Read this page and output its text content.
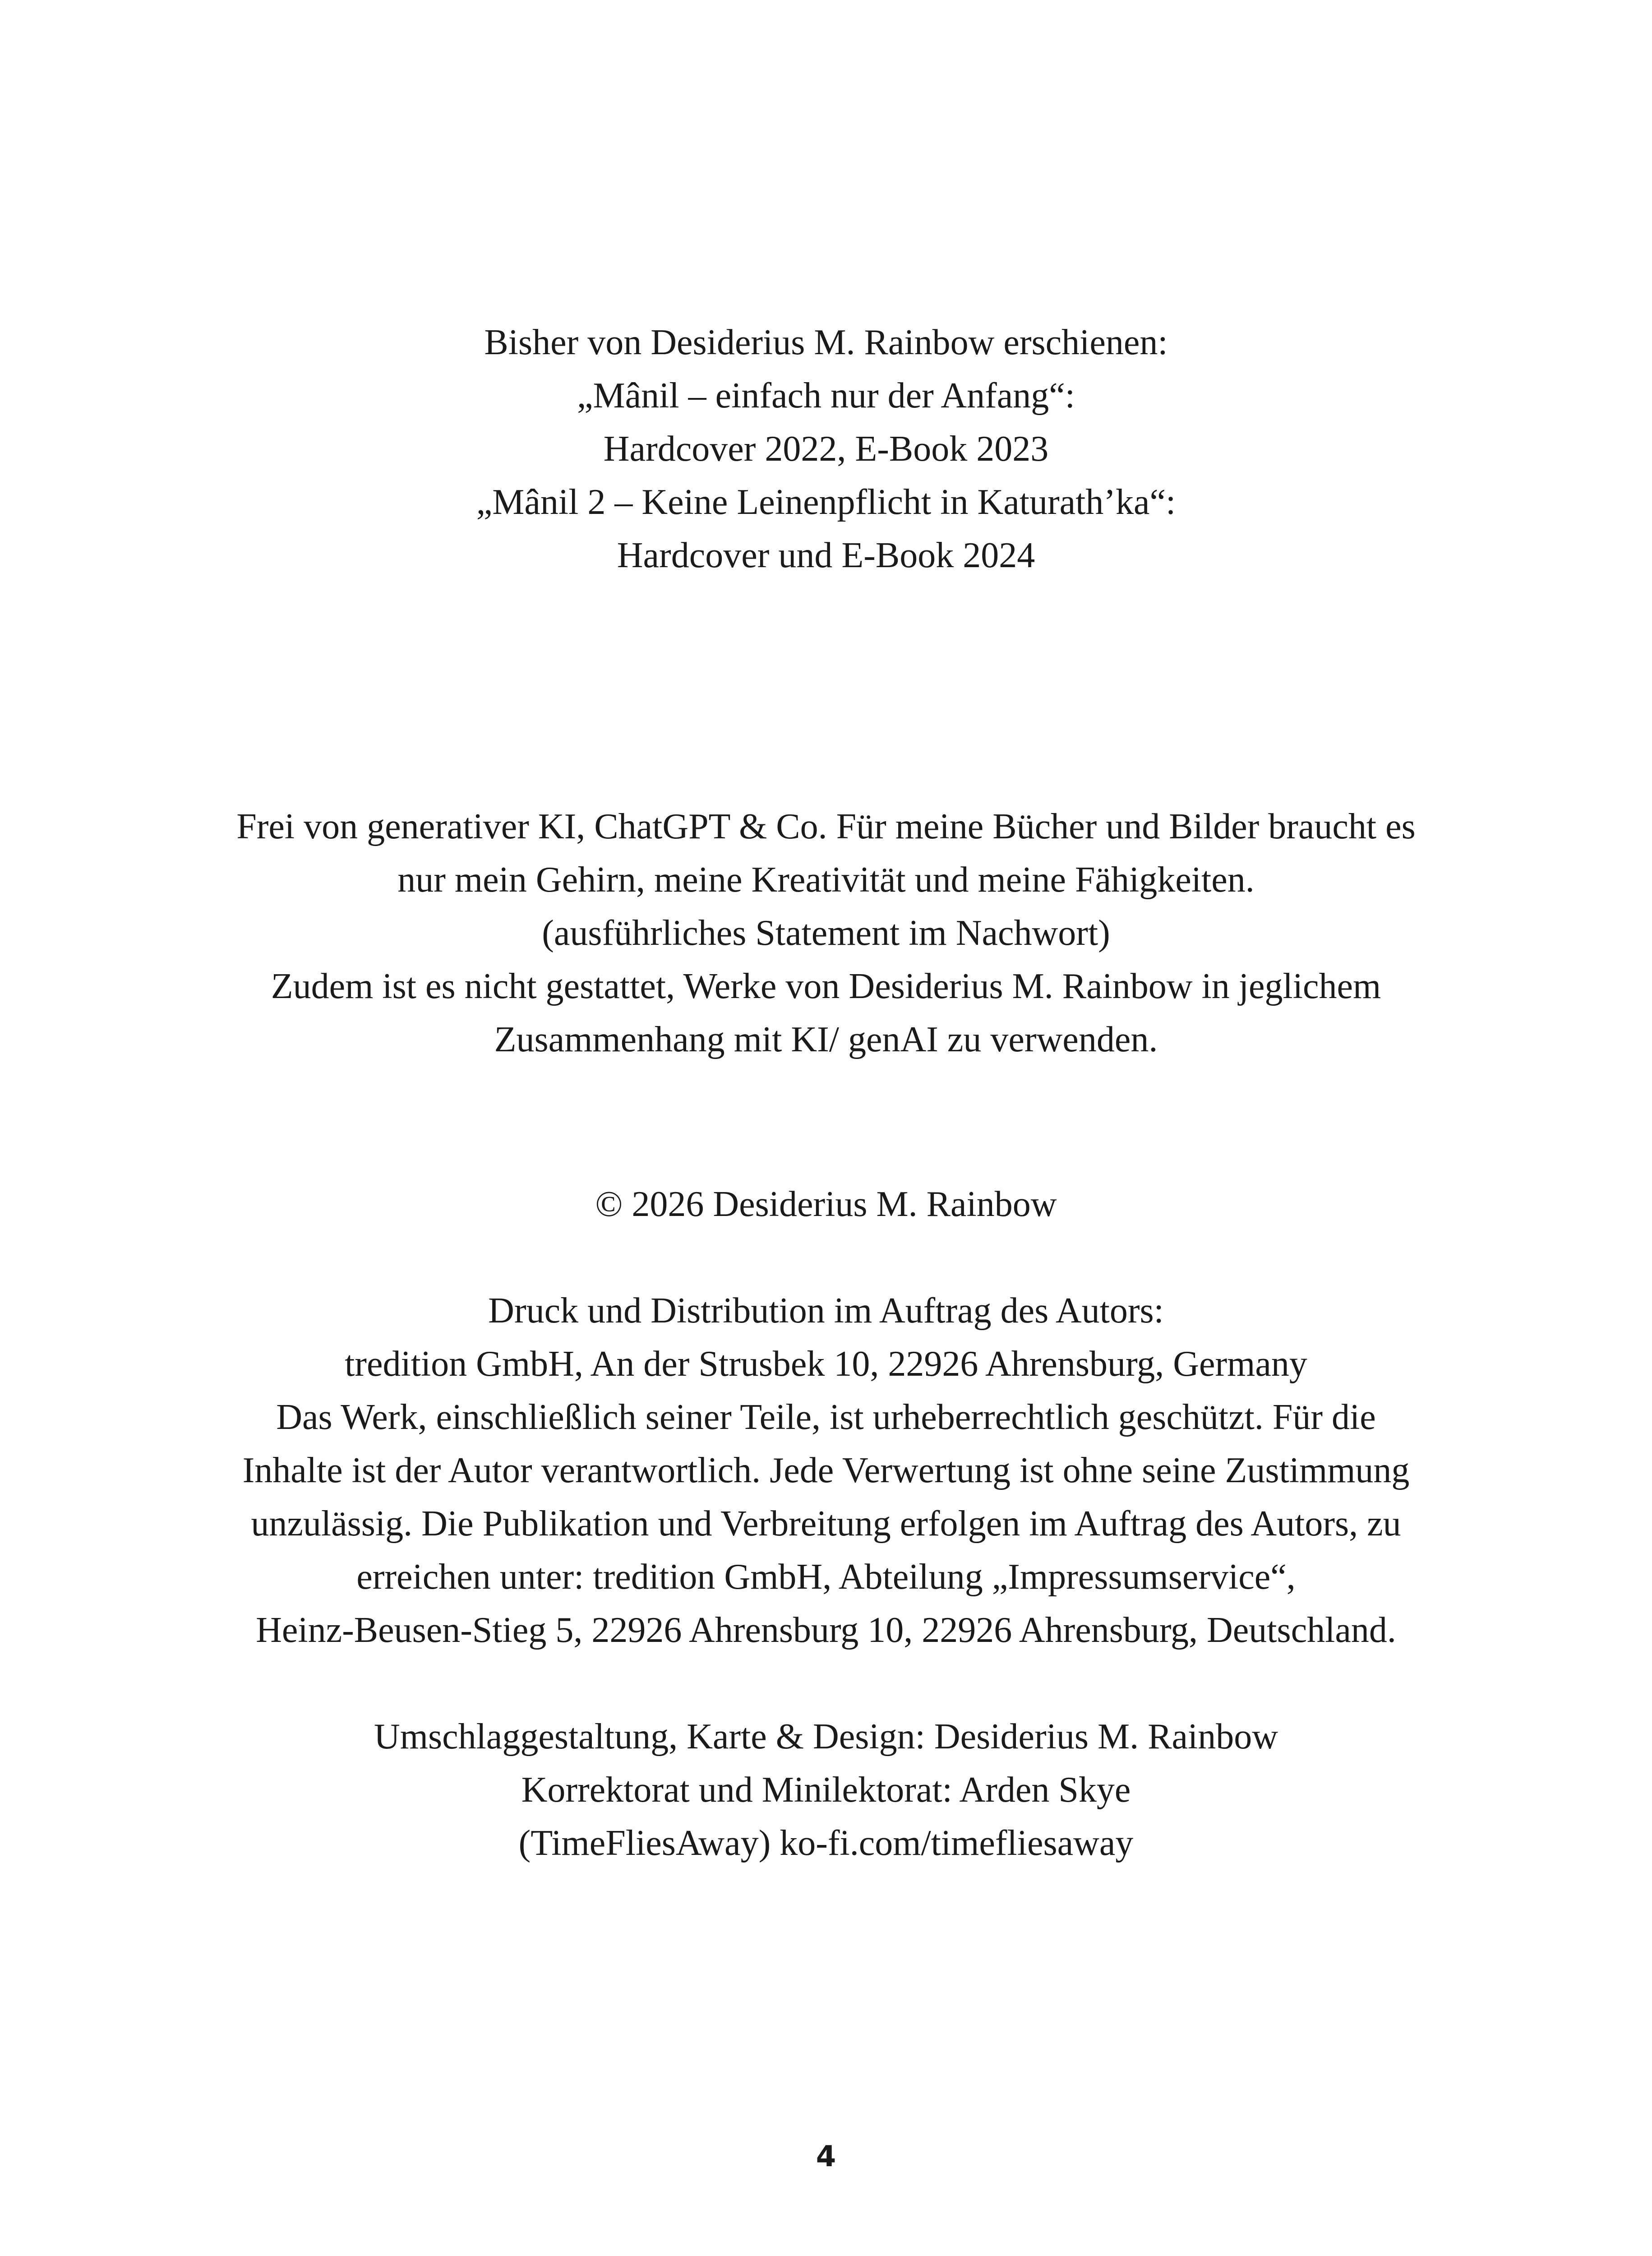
Bisher von Desiderius M. Rainbow erschienen:
„Mânil – einfach nur der Anfang“:
Hardcover 2022, E-Book 2023
„Mânil 2 – Keine Leinenpflicht in Katurath’ka“:
Hardcover und E-Book 2024
Frei von generativer KI, ChatGPT & Co. Für meine Bücher und Bilder braucht es
nur mein Gehirn, meine Kreativität und meine Fähigkeiten.
(ausführliches Statement im Nachwort)
Zudem ist es nicht gestattet, Werke von Desiderius M. Rainbow in jeglichem
Zusammenhang mit KI/ genAI zu verwenden.
© 2026 Desiderius M. Rainbow
Druck und Distribution im Auftrag des Autors:
tredition GmbH, An der Strusbek 10, 22926 Ahrensburg, Germany
Das Werk, einschließlich seiner Teile, ist urheberrechtlich geschützt. Für die
Inhalte ist der Autor verantwortlich. Jede Verwertung ist ohne seine Zustimmung
unzulässig. Die Publikation und Verbreitung erfolgen im Auftrag des Autors, zu
erreichen unter: tredition GmbH, Abteilung „Impressumservice“,
Heinz-Beusen-Stieg 5, 22926 Ahrensburg 10, 22926 Ahrensburg, Deutschland.
Umschlaggestaltung, Karte & Design: Desiderius M. Rainbow
Korrektorat und Minilektorat: Arden Skye
(TimeFliesAway) ko-fi.com/timefliesaway
4
